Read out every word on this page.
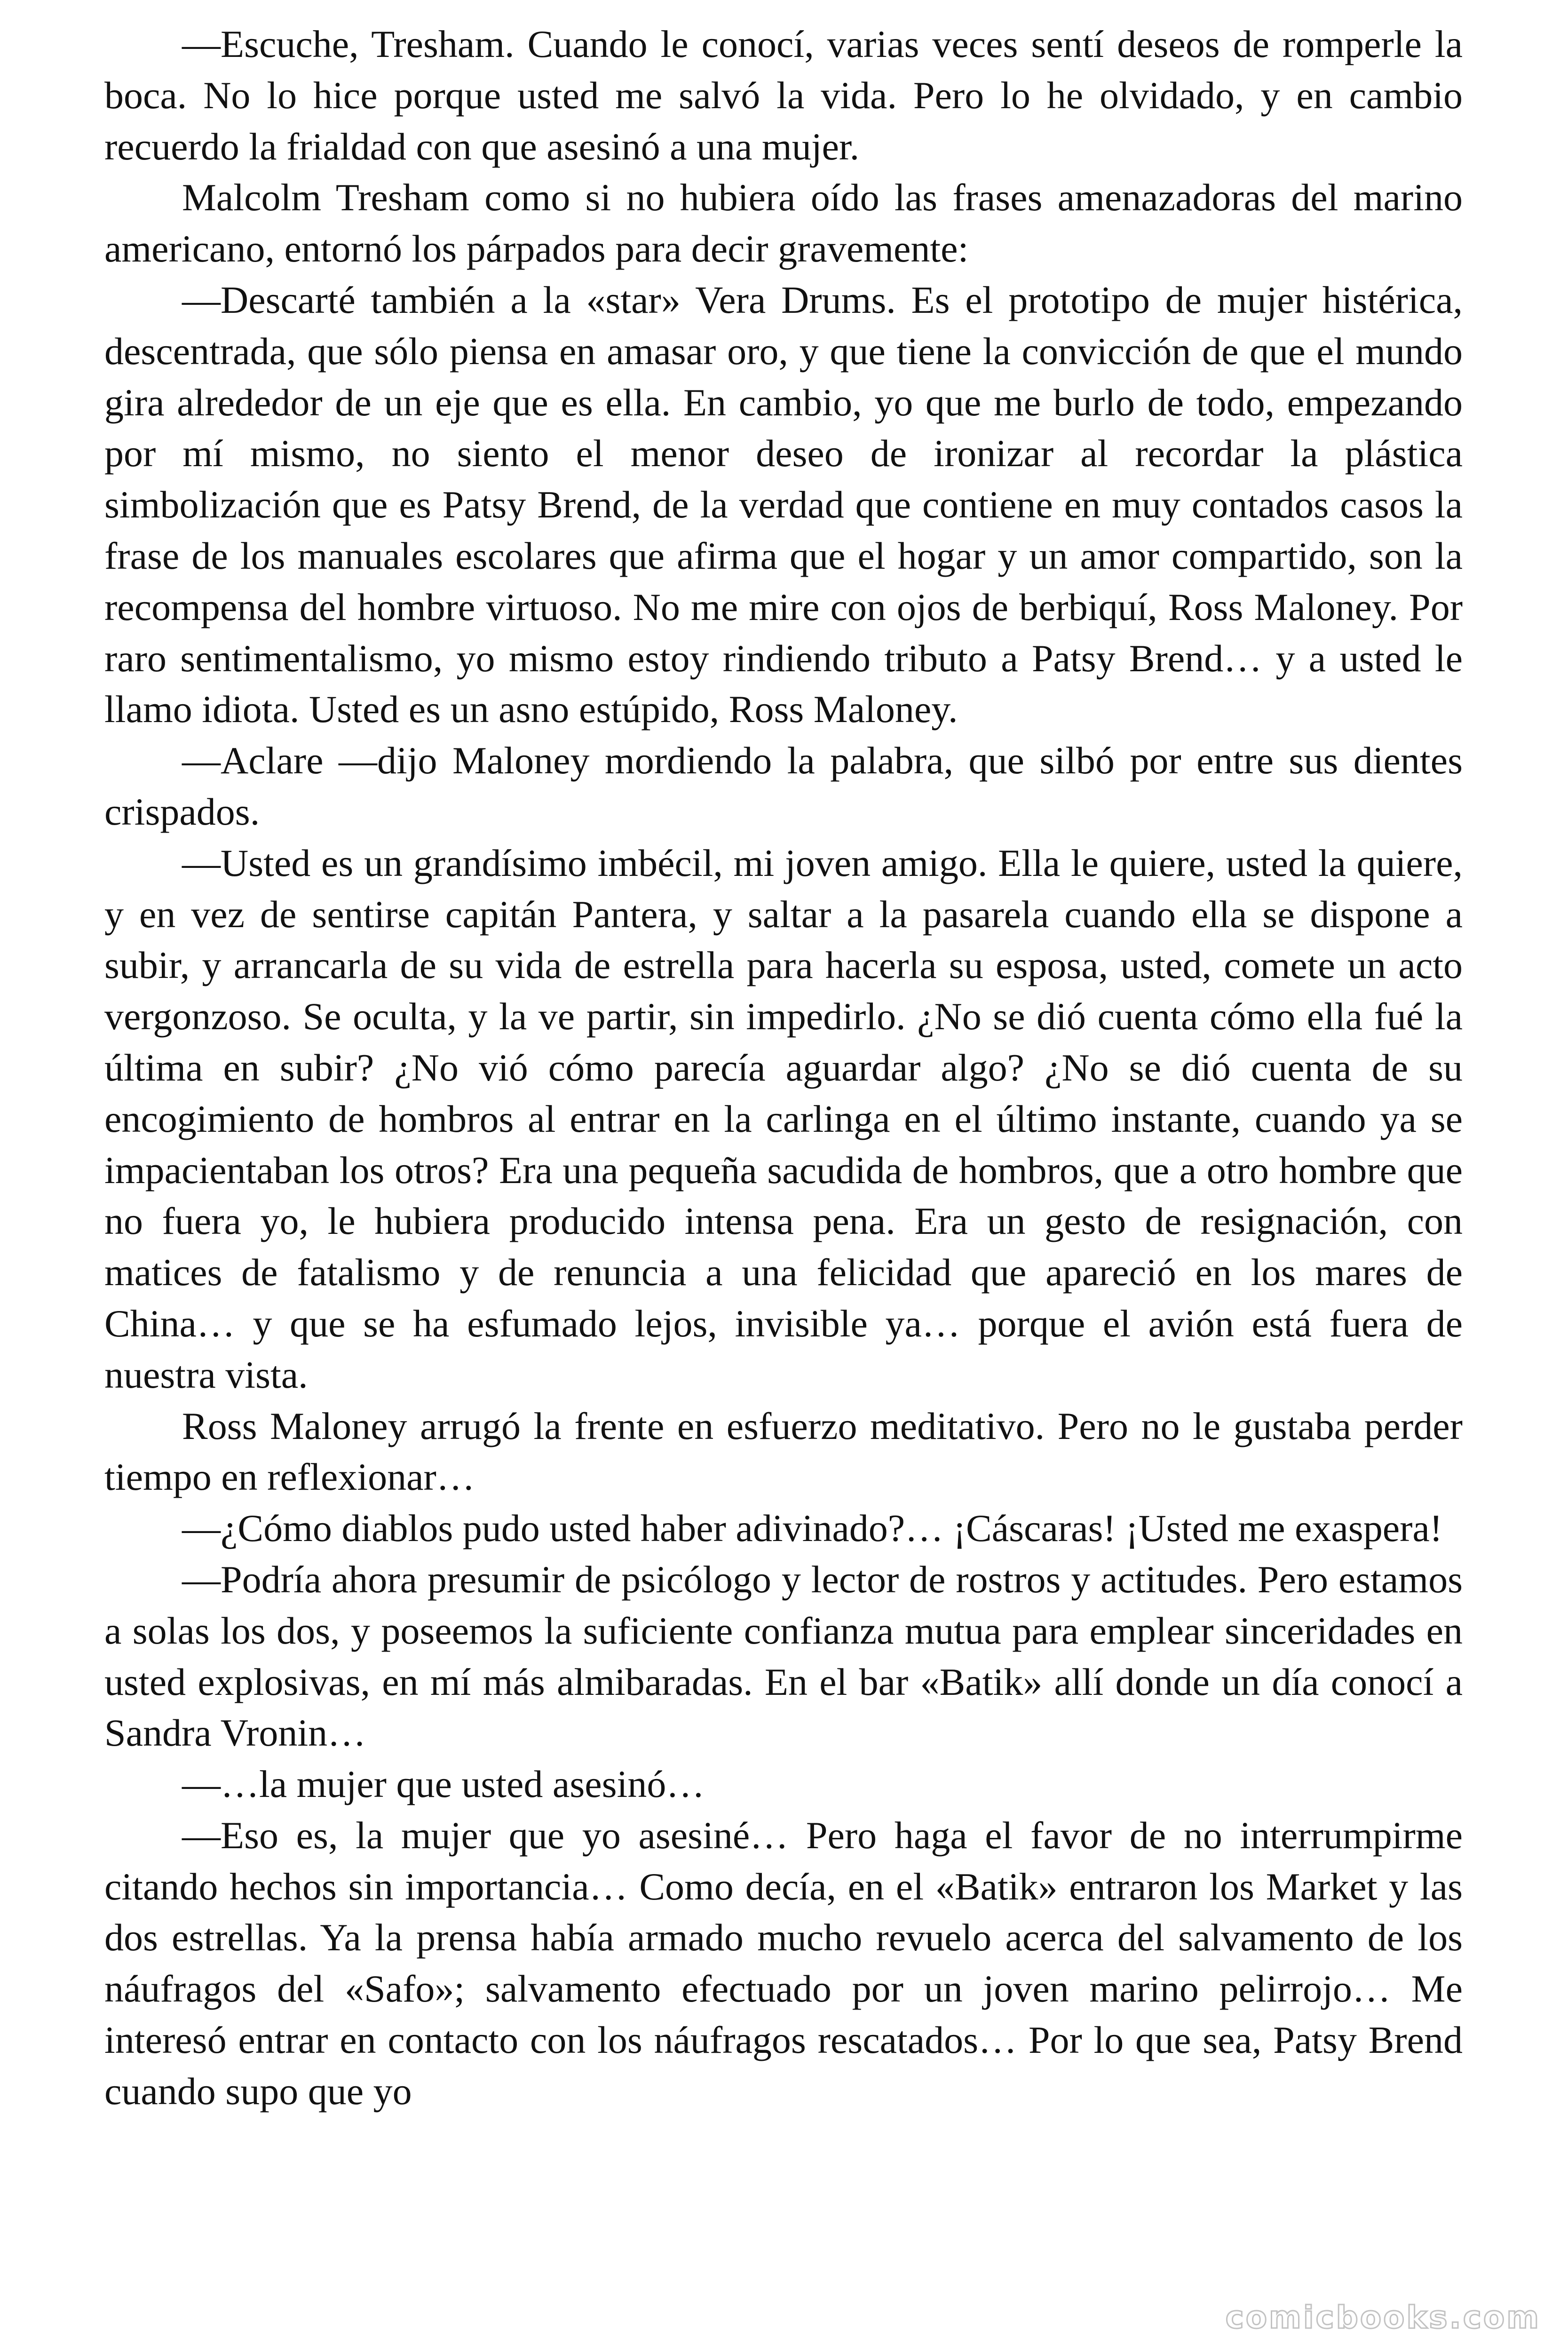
—Escuche, Tresham. Cuando le conocí, varias veces sentí deseos de romperle la boca. No lo hice porque usted me salvó la vida. Pero lo he olvidado, y en cambio recuerdo la frialdad con que asesinó a una mujer.

Malcolm Tresham como si no hubiera oído las frases amenazadoras del marino americano, entornó los párpados para decir gravemente:

—Descarté también a la «star» Vera Drums. Es el prototipo de mujer histérica, descentrada, que sólo piensa en amasar oro, y que tiene la convicción de que el mundo gira alrededor de un eje que es ella. En cambio, yo que me burlo de todo, empezando por mí mismo, no siento el menor deseo de ironizar al recordar la plástica simbolización que es Patsy Brend, de la verdad que contiene en muy contados casos la frase de los manuales escolares que afirma que el hogar y un amor compartido, son la recompensa del hombre virtuoso. No me mire con ojos de berbiquí, Ross Maloney. Por raro sentimentalismo, yo mismo estoy rindiendo tributo a Patsy Brend… y a usted le llamo idiota. Usted es un asno estúpido, Ross Maloney.

—Aclare —dijo Maloney mordiendo la palabra, que silbó por entre sus dientes crispados.

—Usted es un grandísimo imbécil, mi joven amigo. Ella le quiere, usted la quiere, y en vez de sentirse capitán Pantera, y saltar a la pasarela cuando ella se dispone a subir, y arrancarla de su vida de estrella para hacerla su esposa, usted, comete un acto vergonzoso. Se oculta, y la ve partir, sin impedirlo. ¿No se dió cuenta cómo ella fué la última en subir? ¿No vió cómo parecía aguardar algo? ¿No se dió cuenta de su encogimiento de hombros al entrar en la carlinga en el último instante, cuando ya se impacientaban los otros? Era una pequeña sacudida de hombros, que a otro hombre que no fuera yo, le hubiera producido intensa pena. Era un gesto de resignación, con matices de fatalismo y de renuncia a una felicidad que apareció en los mares de China… y que se ha esfumado lejos, invisible ya… porque el avión está fuera de nuestra vista.

Ross Maloney arrugó la frente en esfuerzo meditativo. Pero no le gustaba perder tiempo en reflexionar…

—¿Cómo diablos pudo usted haber adivinado?… ¡Cáscaras! ¡Usted me exaspera!

—Podría ahora presumir de psicólogo y lector de rostros y actitudes. Pero estamos a solas los dos, y poseemos la suficiente confianza mutua para emplear sinceridades en usted explosivas, en mí más almibaradas. En el bar «Batik» allí donde un día conocí a Sandra Vronin…

—…la mujer que usted asesinó…

—Eso es, la mujer que yo asesiné… Pero haga el favor de no interrumpirme citando hechos sin importancia… Como decía, en el «Batik» entraron los Market y las dos estrellas. Ya la prensa había armado mucho revuelo acerca del salvamento de los náufragos del «Safo»; salvamento efectuado por un joven marino pelirrojo… Me interesó entrar en contacto con los náufragos rescatados… Por lo que sea, Patsy Brend cuando supo que yo

comicbooks.com
